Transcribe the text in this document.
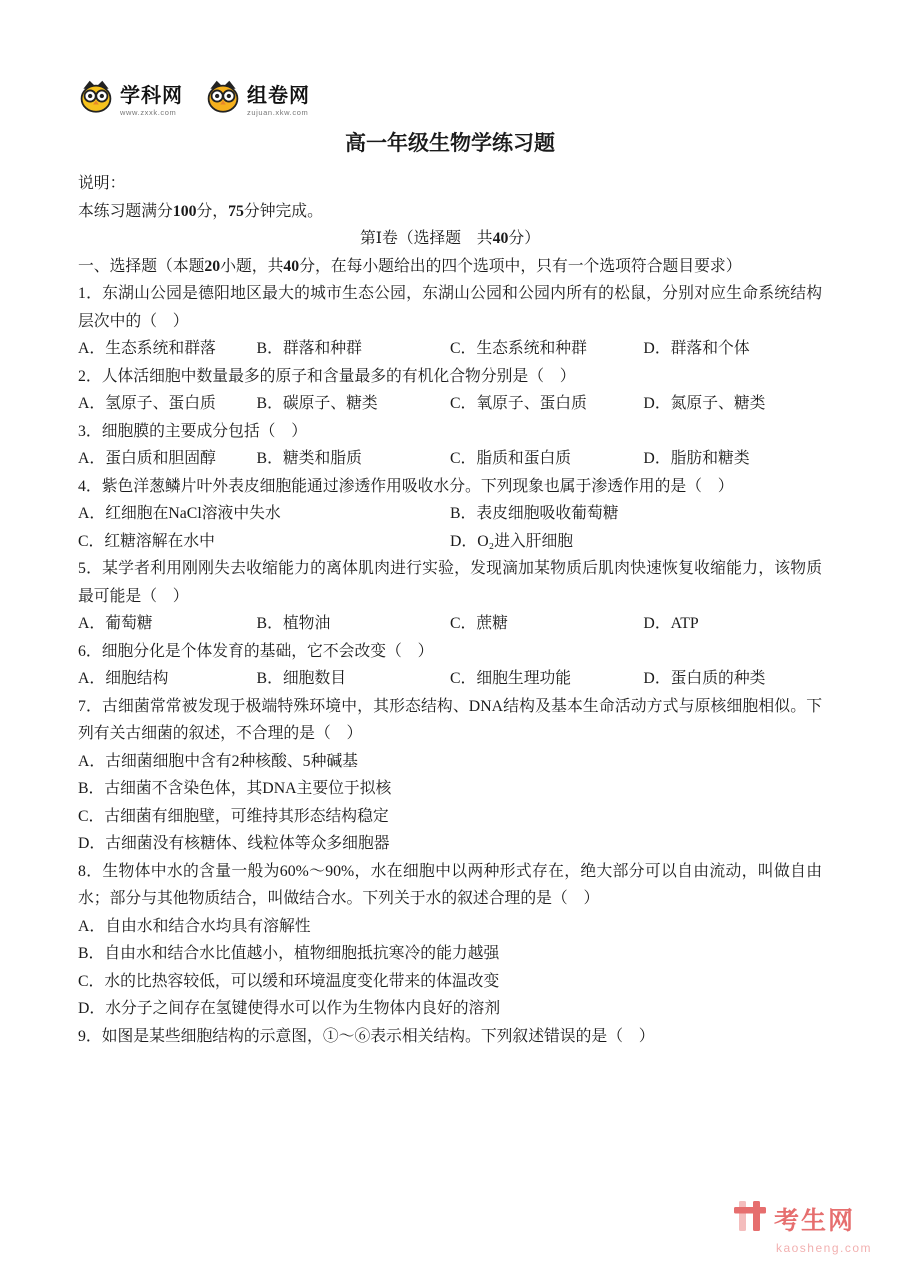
学科网
www.zxxk.com
组卷网
zujuan.xkw.com
高一年级生物学练习题

说明：

本练习题满分100分，75分钟完成。

第Ⅰ卷（选择题　共40分）

一、选择题（本题20小题，共40分，在每小题给出的四个选项中，只有一个选项符合题目要求）

1．东湖山公园是德阳地区最大的城市生态公园，东湖山公园和公园内所有的松鼠，分别对应生命系统结构层次中的（　）

A．生态系统和群落	B．群落和种群	C．生态系统和种群	D．群落和个体

2．人体活细胞中数量最多的原子和含量最多的有机化合物分别是（　）

A．氢原子、蛋白质	B．碳原子、糖类	C．氧原子、蛋白质	D．氮原子、糖类

3．细胞膜的主要成分包括（　）

A．蛋白质和胆固醇	B．糖类和脂质	C．脂质和蛋白质	D．脂肪和糖类

4．紫色洋葱鳞片叶外表皮细胞能通过渗透作用吸收水分。下列现象也属于渗透作用的是（　）

A．红细胞在NaCl溶液中失水	B．表皮细胞吸收葡萄糖
C．红糖溶解在水中	D．O₂进入肝细胞

5．某学者利用刚刚失去收缩能力的离体肌肉进行实验，发现滴加某物质后肌肉快速恢复收缩能力，该物质最可能是（　）

A．葡萄糖	B．植物油	C．蔗糖	D．ATP

6．细胞分化是个体发育的基础，它不会改变（　）

A．细胞结构	B．细胞数目	C．细胞生理功能	D．蛋白质的种类

7．古细菌常常被发现于极端特殊环境中，其形态结构、DNA结构及基本生命活动方式与原核细胞相似。下列有关古细菌的叙述，不合理的是（　）

A．古细菌细胞中含有2种核酸、5种碱基
B．古细菌不含染色体，其DNA主要位于拟核
C．古细菌有细胞壁，可维持其形态结构稳定
D．古细菌没有核糖体、线粒体等众多细胞器

8．生物体中水的含量一般为60%～90%，水在细胞中以两种形式存在，绝大部分可以自由流动，叫做自由水；部分与其他物质结合，叫做结合水。下列关于水的叙述合理的是（　）

A．自由水和结合水均具有溶解性
B．自由水和结合水比值越小，植物细胞抵抗寒冷的能力越强
C．水的比热容较低，可以缓和环境温度变化带来的体温改变
D．水分子之间存在氢键使得水可以作为生物体内良好的溶剂

9．如图是某些细胞结构的示意图，①～⑥表示相关结构。下列叙述错误的是（　）

考生网
kaosheng.com
